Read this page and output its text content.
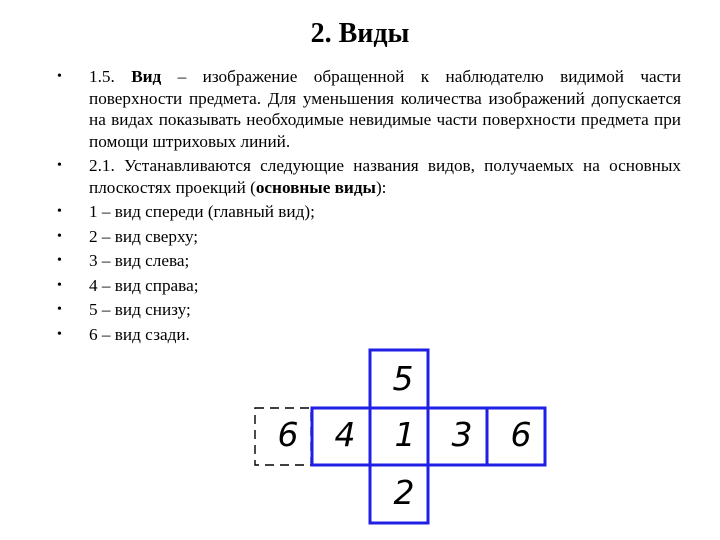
2. Виды
• 1.5. Вид – изображение обращенной к наблюдателю видимой части поверхности предмета. Для уменьшения количества изображений допускается на видах показывать необходимые невидимые части поверхности предмета при помощи штриховых линий.
• 2.1. Устанавливаются следующие названия видов, получаемых на основных плоскостях проекций (основные виды):
• 1 – вид спереди (главный вид);
• 2 – вид сверху;
• 3 – вид слева;
• 4 – вид справа;
• 5 – вид снизу;
• 6 – вид сзади.
5
6 4 1 3 6
2
